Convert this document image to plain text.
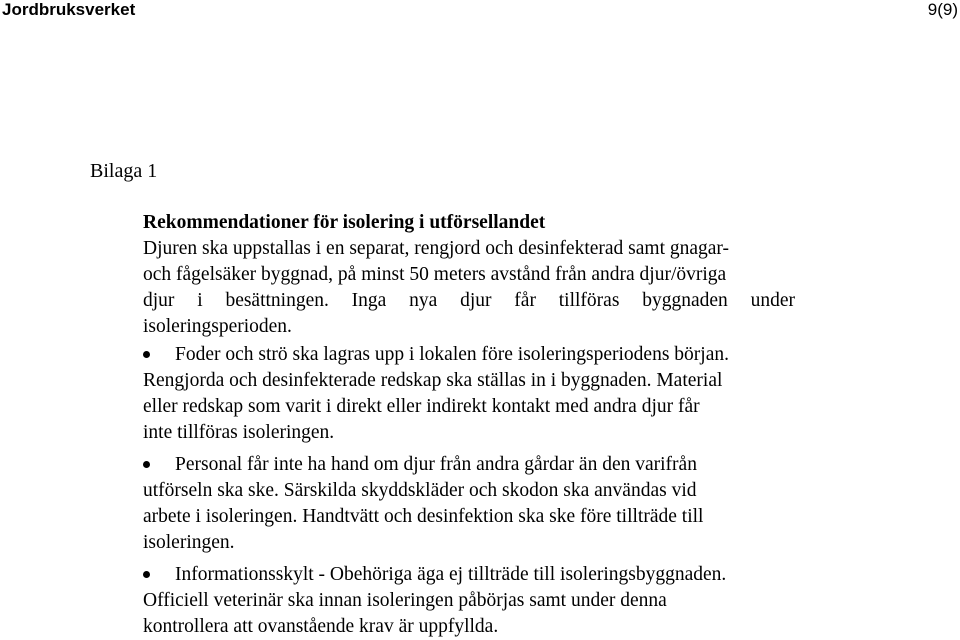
Jordbruksverket	9(9)
Bilaga 1
Rekommendationer för isolering i utförsellandet
Djuren ska uppstallas i en separat, rengjord och desinfekterad samt gnagar-
och fågelsäker byggnad, på minst 50 meters avstånd från andra djur/övriga
djur i besättningen. Inga nya djur får tillföras byggnaden under
isoleringsperioden.
Foder och strö ska lagras upp i lokalen före isoleringsperiodens början.
Rengjorda och desinfekterade redskap ska ställas in i byggnaden. Material
eller redskap som varit i direkt eller indirekt kontakt med andra djur får
inte tillföras isoleringen.
Personal får inte ha hand om djur från andra gårdar än den varifrån
utförseln ska ske. Särskilda skyddskläder och skodon ska användas vid
arbete i isoleringen. Handtvätt och desinfektion ska ske före tillträde till
isoleringen.
Informationsskylt - Obehöriga äga ej tillträde till isoleringsbyggnaden.
Officiell veterinär ska innan isoleringen påbörjas samt under denna
kontrollera att ovanstående krav är uppfyllda.
